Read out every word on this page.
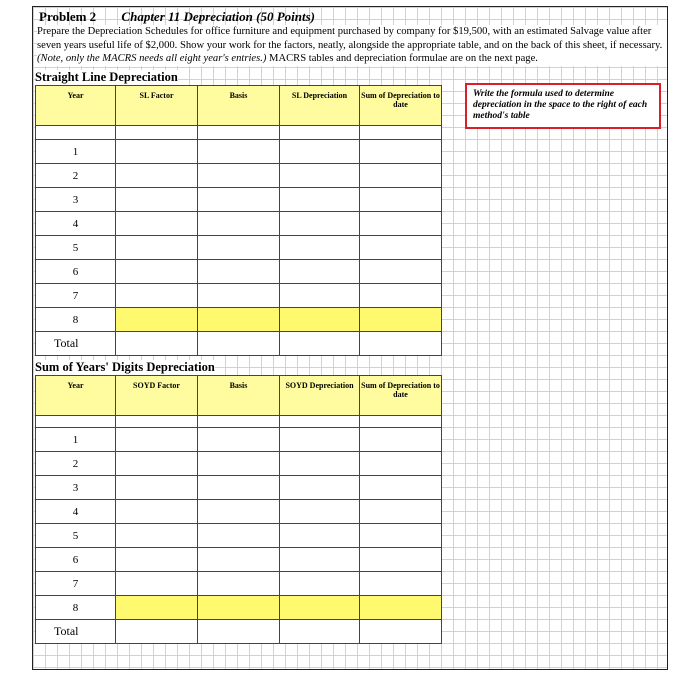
Problem 2 Chapter 11 Depreciation (50 Points)
Prepare the Depreciation Schedules for office furniture and equipment purchased by company for $19,500, with an estimated Salvage value after seven years useful life of $2,000. Show your work for the factors, neatly, alongside the appropriate table, and on the back of this sheet, if necessary. (Note, only the MACRS needs all eight year's entries.) MACRS tables and depreciation formulae are on the next page.
Straight Line Depreciation
Year	SL Factor	Basis	SL Depreciation	Sum of Depreciation to date

1				
2				
3				
4				
5				
6				
7				
8				
Total				
Write the formula used to determine depreciation in the space to the right of each method's table
Sum of Years' Digits Depreciation
Year	SOYD Factor	Basis	SOYD Depreciation	Sum of Depreciation to date

1				
2				
3				
4				
5				
6				
7				
8				
Total				
